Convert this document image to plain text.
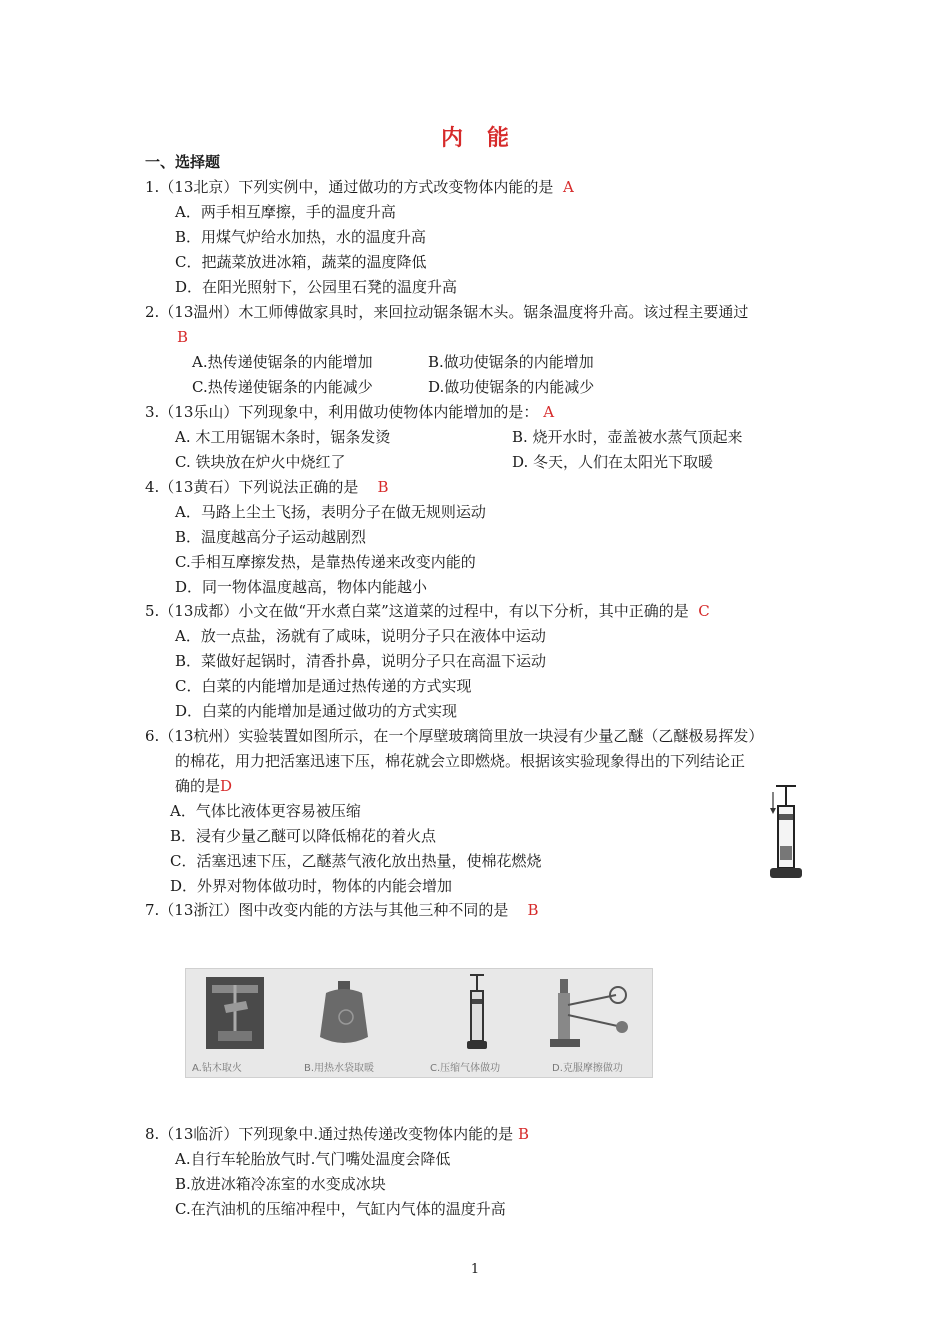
内 能
一、选择题
1.（13北京）下列实例中，通过做功的方式改变物体内能的是 A
A．两手相互摩擦，手的温度升高
B．用煤气炉给水加热，水的温度升高
C．把蔬菜放进冰箱，蔬菜的温度降低
D．在阳光照射下，公园里石凳的温度升高
2.（13温州）木工师傅做家具时，来回拉动锯条锯木头。锯条温度将升高。该过程主要通过
B
A.热传递使锯条的内能增加	B.做功使锯条的内能增加
C.热传递使锯条的内能减少	D.做功使锯条的内能减少
3.（13乐山）下列现象中，利用做功使物体内能增加的是： A
A. 木工用锯锯木条时，锯条发烫	B. 烧开水时，壶盖被水蒸气顶起来
C. 铁块放在炉火中烧红了	D. 冬天，人们在太阳光下取暖
4.（13黄石）下列说法正确的是 B
A．马路上尘土飞扬，表明分子在做无规则运动
B．温度越高分子运动越剧烈
C.手相互摩擦发热，是靠热传递来改变内能的
D．同一物体温度越高，物体内能越小
5.（13成都）小文在做“开水煮白菜”这道菜的过程中，有以下分析，其中正确的是 C
A．放一点盐，汤就有了咸味，说明分子只在液体中运动
B．菜做好起锅时，清香扑鼻，说明分子只在高温下运动
C．白菜的内能增加是通过热传递的方式实现
D．白菜的内能增加是通过做功的方式实现
6.（13杭州）实验装置如图所示，在一个厚壁玻璃筒里放一块浸有少量乙醚（乙醚极易挥发）
的棉花，用力把活塞迅速下压，棉花就会立即燃烧。根据该实验现象得出的下列结论正
确的是D
A．气体比液体更容易被压缩
B．浸有少量乙醚可以降低棉花的着火点
C．活塞迅速下压，乙醚蒸气液化放出热量，使棉花燃烧
D．外界对物体做功时，物体的内能会增加
7.（13浙江）图中改变内能的方法与其他三种不同的是 B
A.钻木取火	B.用热水袋取暖	C.压缩气体做功	D.克服摩擦做功
8.（13临沂）下列现象中.通过热传递改变物体内能的是 B
A.自行车轮胎放气时.气门嘴处温度会降低
B.放进冰箱冷冻室的水变成冰块
C.在汽油机的压缩冲程中，气缸内气体的温度升高
1
